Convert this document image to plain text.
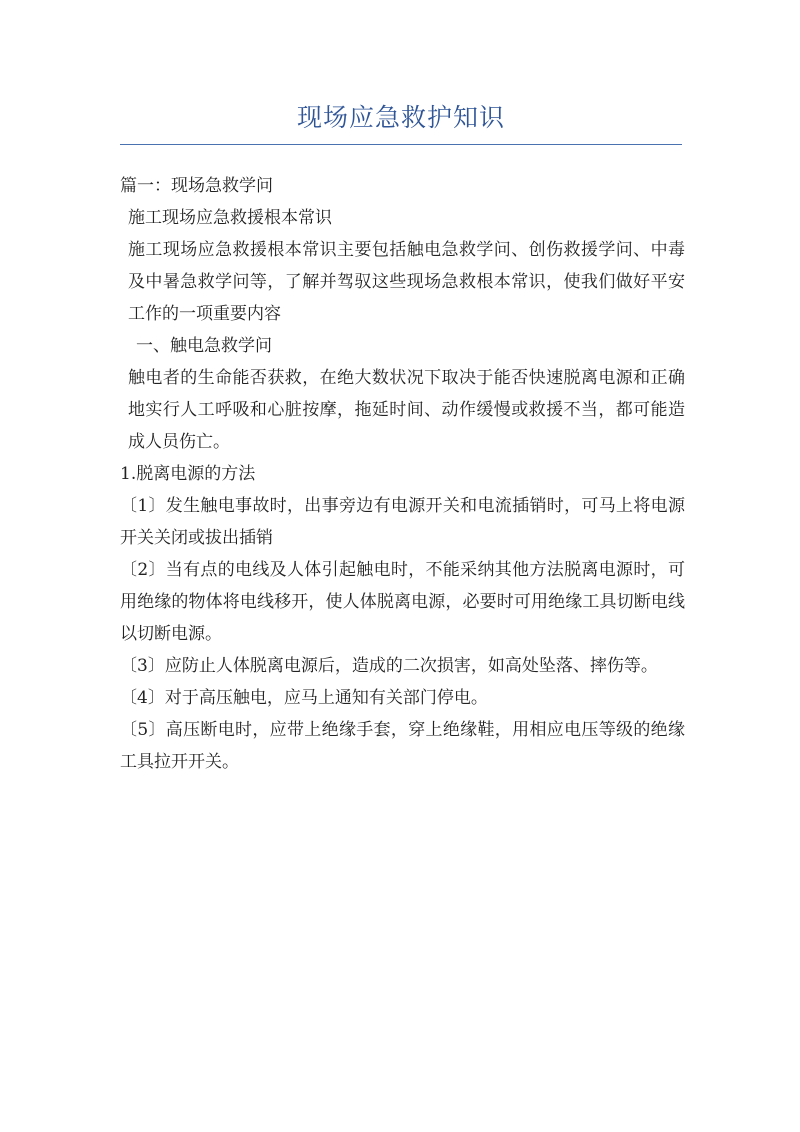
现场应急救护知识

篇一：现场急救学问

施工现场应急救援根本常识

施工现场应急救援根本常识主要包括触电急救学问、创伤救援学问、中毒及中暑急救学问等，了解并驾驭这些现场急救根本常识，使我们做好平安工作的一项重要内容

一、触电急救学问

触电者的生命能否获救，在绝大数状况下取决于能否快速脱离电源和正确地实行人工呼吸和心脏按摩，拖延时间、动作缓慢或救援不当，都可能造成人员伤亡。

1.脱离电源的方法

〔1〕发生触电事故时，出事旁边有电源开关和电流插销时，可马上将电源开关关闭或拔出插销

〔2〕当有点的电线及人体引起触电时，不能采纳其他方法脱离电源时，可用绝缘的物体将电线移开，使人体脱离电源，必要时可用绝缘工具切断电线以切断电源。

〔3〕应防止人体脱离电源后，造成的二次损害，如高处坠落、摔伤等。

〔4〕对于高压触电，应马上通知有关部门停电。

〔5〕高压断电时，应带上绝缘手套，穿上绝缘鞋，用相应电压等级的绝缘工具拉开开关。
